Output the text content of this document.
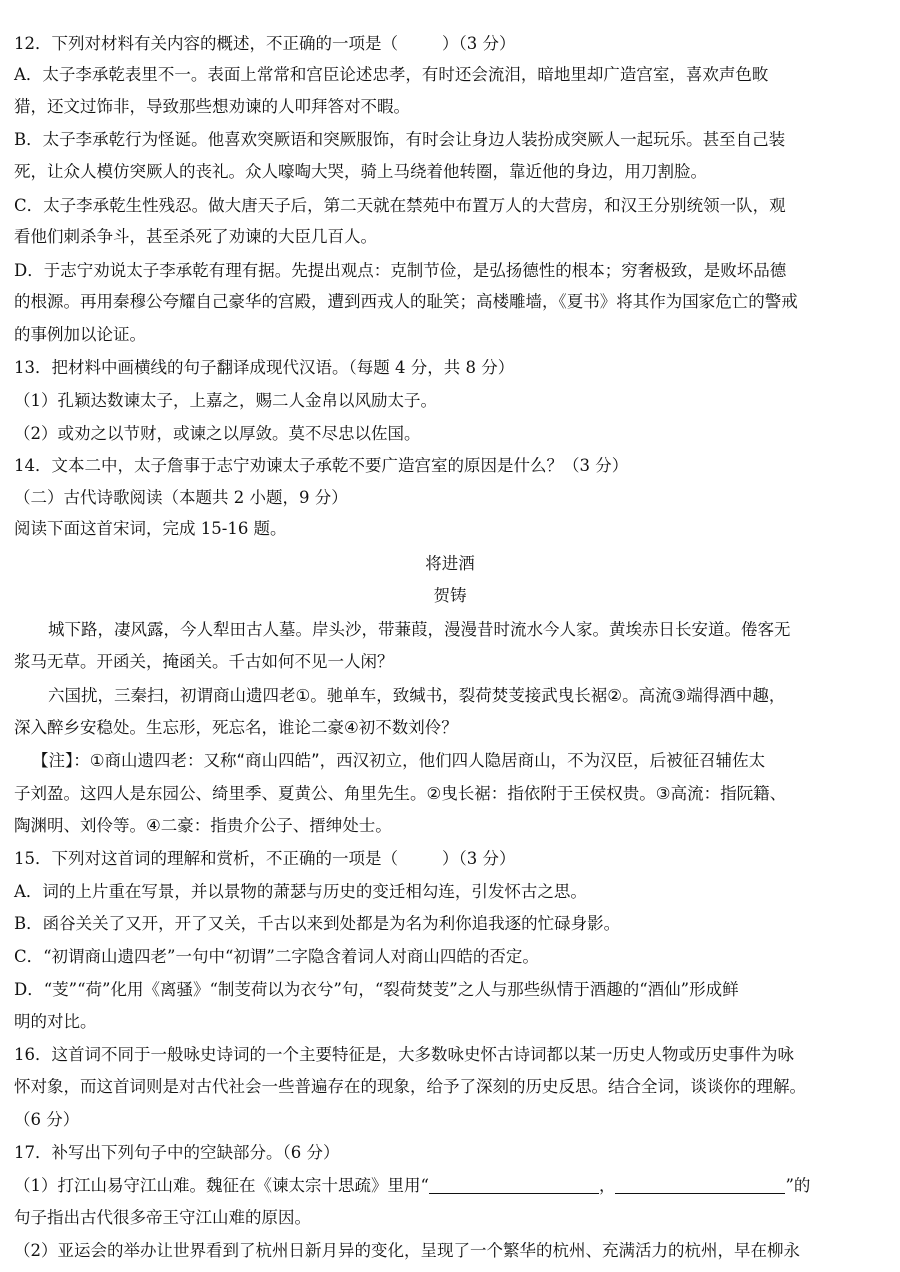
12．下列对材料有关内容的概述，不正确的一项是（	）（3 分）
A．太子李承乾表里不一。表面上常常和宫臣论述忠孝，有时还会流泪，暗地里却广造宫室，喜欢声色畋
猎，还文过饰非，导致那些想劝谏的人叩拜答对不暇。
B．太子李承乾行为怪诞。他喜欢突厥语和突厥服饰，有时会让身边人装扮成突厥人一起玩乐。甚至自己装
死，让众人模仿突厥人的丧礼。众人嚎啕大哭，骑上马绕着他转圈，靠近他的身边，用刀割脸。
C．太子李承乾生性残忍。做大唐天子后，第二天就在禁苑中布置万人的大营房，和汉王分别统领一队，观
看他们刺杀争斗，甚至杀死了劝谏的大臣几百人。
D．于志宁劝说太子李承乾有理有据。先提出观点：克制节俭，是弘扬德性的根本；穷奢极致，是败坏品德
的根源。再用秦穆公夸耀自己豪华的宫殿，遭到西戎人的耻笑；高楼雕墙，《夏书》将其作为国家危亡的警戒
的事例加以论证。
13．把材料中画横线的句子翻译成现代汉语。（每题 4 分，共 8 分）
（1）孔颖达数谏太子，上嘉之，赐二人金帛以风励太子。
（2）或劝之以节财，或谏之以厚敛。莫不尽忠以佐国。
14．文本二中，太子詹事于志宁劝谏太子承乾不要广造宫室的原因是什么？（3 分）
（二）古代诗歌阅读（本题共 2 小题，9 分）
阅读下面这首宋词，完成 15-16 题。
将进酒
贺铸
城下路，凄风露，今人犁田古人墓。岸头沙，带蒹葭，漫漫昔时流水今人家。黄埃赤日长安道。倦客无
浆马无草。开函关，掩函关。千古如何不见一人闲？
六国扰，三秦扫，初谓商山遗四老①。驰单车，致缄书，裂荷焚芰接武曳长裾②。高流③端得酒中趣，
深入醉乡安稳处。生忘形，死忘名，谁论二豪④初不数刘伶？
【注】：①商山遗四老：又称“商山四皓”，西汉初立，他们四人隐居商山，不为汉臣，后被征召辅佐太
子刘盈。这四人是东园公、绮里季、夏黄公、角里先生。②曳长裾：指依附于王侯权贵。③高流：指阮籍、
陶渊明、刘伶等。④二豪：指贵介公子、搢绅处士。
15．下列对这首词的理解和赏析，不正确的一项是（	）（3 分）
A．词的上片重在写景，并以景物的萧瑟与历史的变迁相勾连，引发怀古之思。
B．函谷关关了又开，开了又关，千古以来到处都是为名为利你追我逐的忙碌身影。
C．“初谓商山遗四老”一句中“初谓”二字隐含着词人对商山四皓的否定。
D．“芰”“荷”化用《离骚》“制芰荷以为衣兮”句，“裂荷焚芰”之人与那些纵情于酒趣的“酒仙”形成鲜
明的对比。
16．这首词不同于一般咏史诗词的一个主要特征是，大多数咏史怀古诗词都以某一历史人物或历史事件为咏
怀对象，而这首词则是对古代社会一些普遍存在的现象，给予了深刻的历史反思。结合全词，谈谈你的理解。
（6 分）
17．补写出下列句子中的空缺部分。（6 分）
（1）打江山易守江山难。魏征在《谏太宗十思疏》里用“	，	”的
句子指出古代很多帝王守江山难的原因。
（2）亚运会的举办让世界看到了杭州日新月异的变化，呈现了一个繁华的杭州、充满活力的杭州，早在柳永
